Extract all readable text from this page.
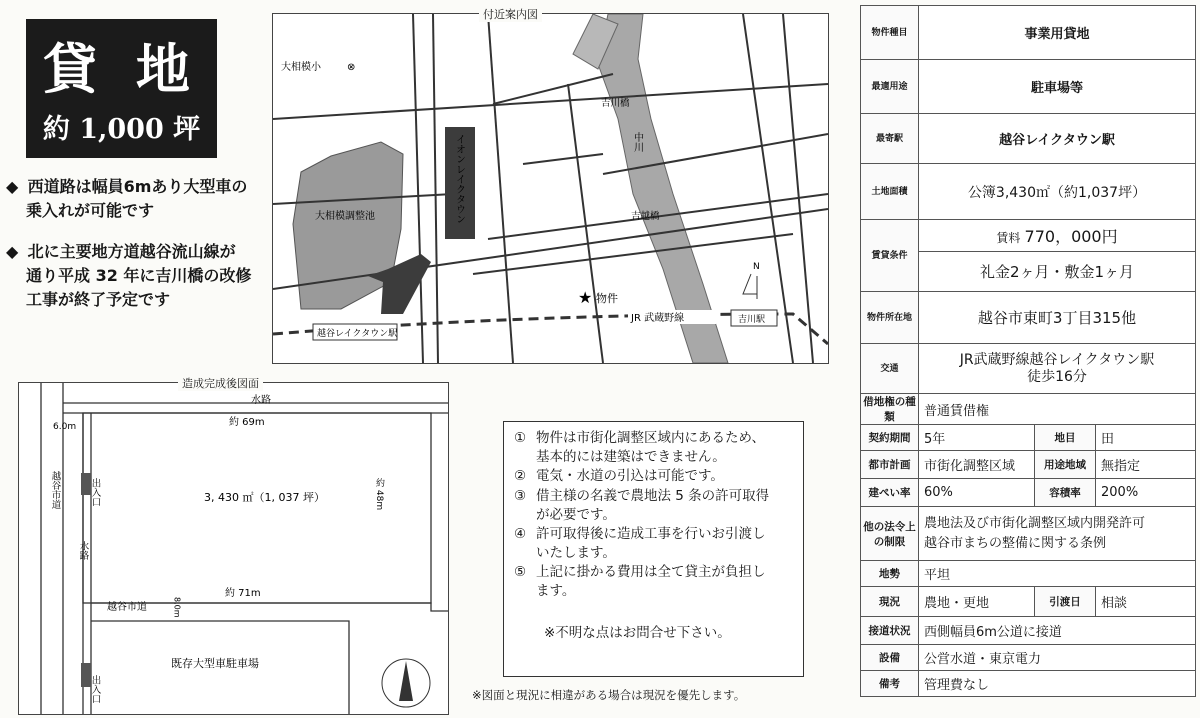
貸 地
約 1,000 坪
◆ 西道路は幅員6mあり大型車の
乗入れが可能です
◆ 北に主要地方道越谷流山線が
通り平成 32 年に吉川橋の改修
工事が終了予定です
大相模小	⊗
大相模調整池	イオンレイクタウン
吉川橋
吉越橋
中川
★ 物件
JR 武蔵野線
越谷レイクタウン駅
吉川駅
N
付近案内図
水路
約 69m
6.0m
3, 430 ㎡（1, 037 坪）	約 48m
越谷市道	出入口
水路
約 71m
越谷市道	8.0m
既存大型車駐車場
出入口
造成完成後図面
① 物件は市街化調整区域内にあるため、
基本的には建築はできません。
② 電気・水道の引込は可能です。
③ 借主様の名義で農地法 5 条の許可取得
が必要です。
④ 許可取得後に造成工事を行いお引渡し
いたします。
⑤ 上記に掛かる費用は全て貸主が負担し
ます。
※不明な点はお問合せ下さい。
※図面と現況に相違がある場合は現況を優先します。
物件種目	事業用貸地		
最適用途	駐車場等		
最寄駅	越谷レイクタウン駅		
土地面積	公簿3,430㎡（約1,037坪）		
賃貸条件	賃料 770，000円		
	礼金2ヶ月・敷金1ヶ月		
物件所在地	越谷市東町3丁目315他		
交通	JR武蔵野線越谷レイクタウン駅
徒歩16分		

借地権の種類	普通賃借権		
契約期間	5年	地目	田
都市計画	市街化調整区域	用途地域	無指定
建ぺい率	60%	容積率	200%
他の法令上の制限	農地法及び市街化調整区域内開発許可
越谷市まちの整備に関する条例		

地勢	平坦		
現況	農地・更地	引渡日	相談
接道状況	西側幅員6m公道に接道		
設備	公営水道・東京電力		
備考	管理費なし		
